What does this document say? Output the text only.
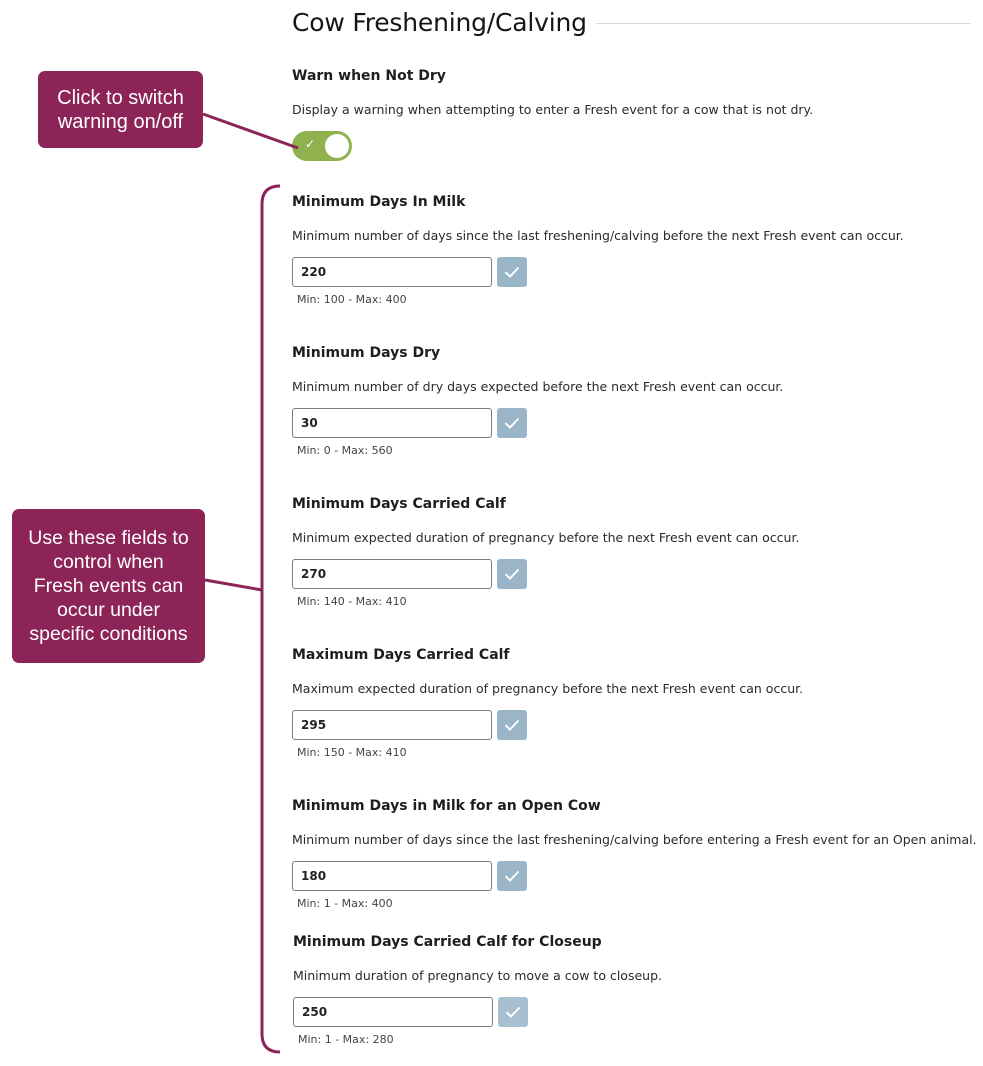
Cow Freshening/Calving
Warn when Not Dry
Display a warning when attempting to enter a Fresh event for a cow that is not dry.
✓
Minimum Days In Milk
Minimum number of days since the last freshening/calving before the next Fresh event can occur.
220
Min: 100 - Max: 400
Minimum Days Dry
Minimum number of dry days expected before the next Fresh event can occur.
30
Min: 0 - Max: 560
Minimum Days Carried Calf
Minimum expected duration of pregnancy before the next Fresh event can occur.
270
Min: 140 - Max: 410
Maximum Days Carried Calf
Maximum expected duration of pregnancy before the next Fresh event can occur.
295
Min: 150 - Max: 410
Minimum Days in Milk for an Open Cow
Minimum number of days since the last freshening/calving before entering a Fresh event for an Open animal.
180
Min: 1 - Max: 400
Minimum Days Carried Calf for Closeup
Minimum duration of pregnancy to move a cow to closeup.
250
Min: 1 - Max: 280
Click to switch
warning on/off
Use these fields to
control when
Fresh events can
occur under
specific conditions
